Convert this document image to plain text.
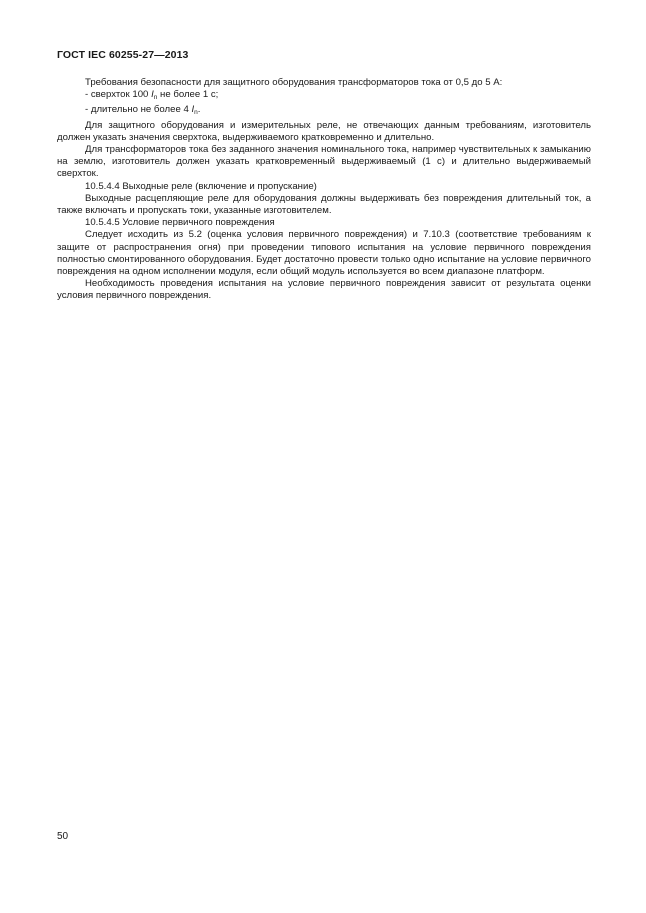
ГОСТ IEC 60255-27—2013

Требования безопасности для защитного оборудования трансформаторов тока от 0,5 до 5 А:

- сверхток 100 $I_n$ не более 1 с;

- длительно не более 4 $I_n$.

Для защитного оборудования и измерительных реле, не отвечающих данным требованиям, изготовитель должен указать значения сверхтока, выдерживаемого кратковременно и длительно.

Для трансформаторов тока без заданного значения номинального тока, например чувствительных к замыканию на землю, изготовитель должен указать кратковременный выдерживаемый (1 с) и длительно выдерживаемый сверхток.

10.5.4.4 Выходные реле (включение и пропускание)

Выходные расцепляющие реле для оборудования должны выдерживать без повреждения длительный ток, а также включать и пропускать токи, указанные изготовителем.

10.5.4.5 Условие первичного повреждения

Следует исходить из 5.2 (оценка условия первичного повреждения) и 7.10.3 (соответствие требованиям к защите от распространения огня) при проведении типового испытания на условие первичного повреждения полностью смонтированного оборудования. Будет достаточно провести только одно испытание на условие первичного повреждения на одном исполнении модуля, если общий модуль используется во всем диапазоне платформ.

Необходимость проведения испытания на условие первичного повреждения зависит от результата оценки условия первичного повреждения.

50
